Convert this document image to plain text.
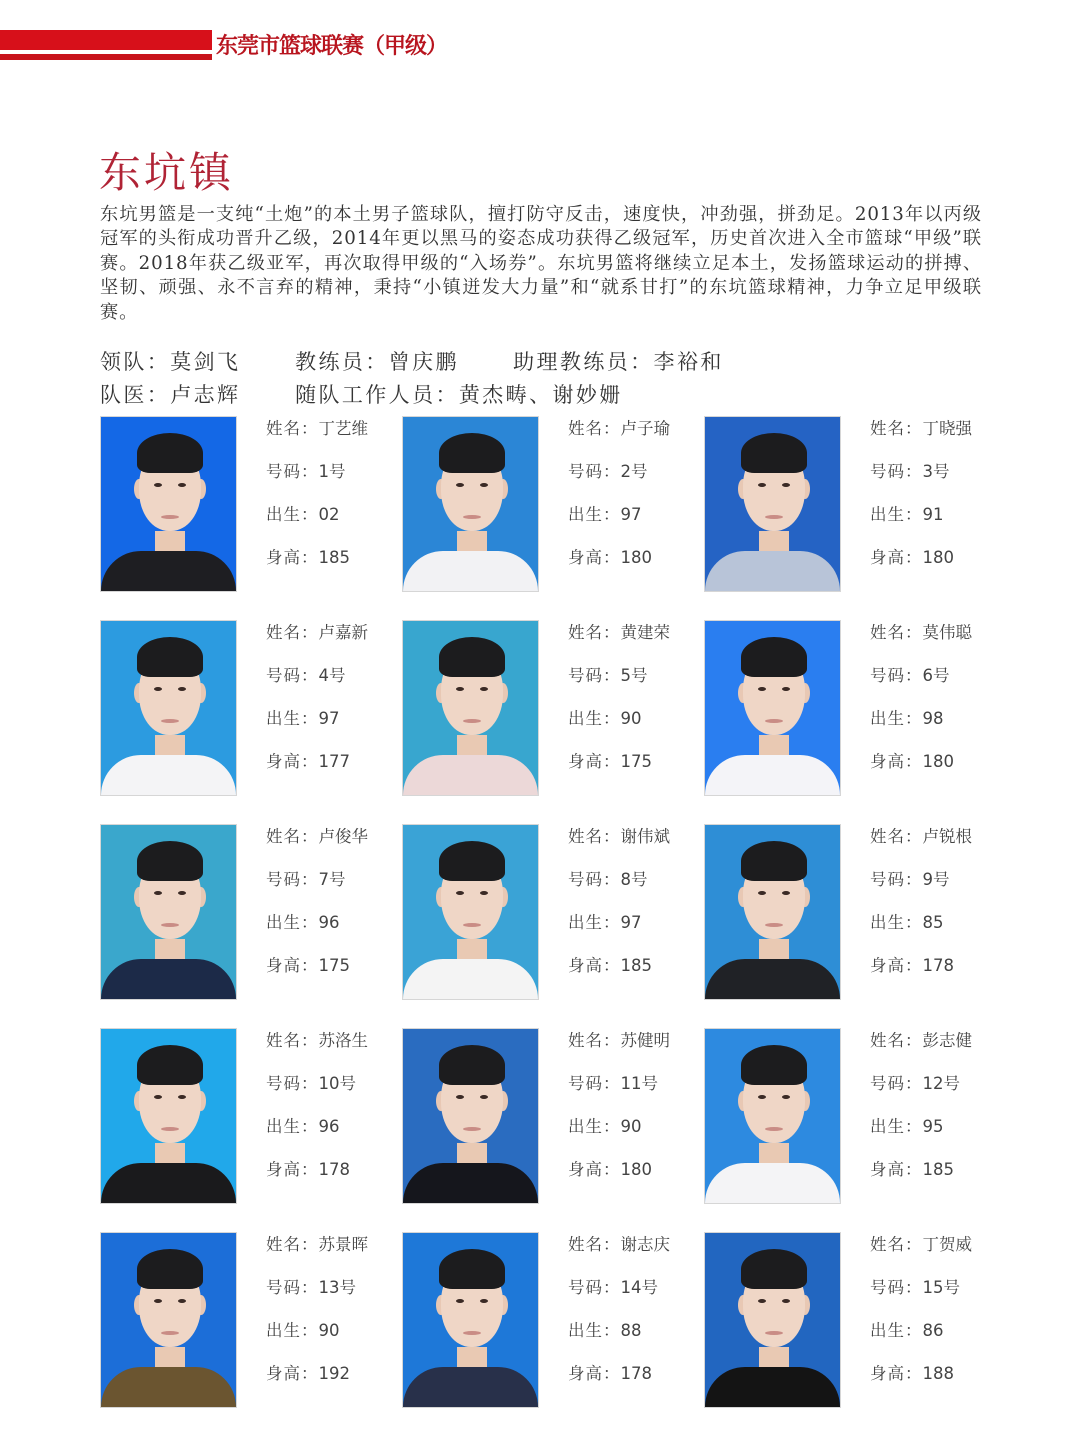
东莞市篮球联赛（甲级）
东坑镇

东坑男篮是一支纯“土炮”的本土男子篮球队，擅打防守反击，速度快，冲劲强，拼劲足。2013年以丙级冠军的头衔成功晋升乙级，2014年更以黑马的姿态成功获得乙级冠军，历史首次进入全市篮球“甲级”联赛。2018年获乙级亚军，再次取得甲级的“入场券”。东坑男篮将继续立足本土，发扬篮球运动的拼搏、坚韧、顽强、永不言弃的精神，秉持“小镇迸发大力量”和“就系甘打”的东坑篮球精神，力争立足甲级联赛。

领队：莫剑飞	教练员：曾庆鹏	助理教练员：李裕和
队医：卢志辉	随队工作人员：黄杰畴、谢妙姗
姓名：丁艺维
号码：1号
出生：02
身高：185
姓名：卢子瑜
号码：2号
出生：97
身高：180
姓名：丁晓强
号码：3号
出生：91
身高：180
姓名：卢嘉新
号码：4号
出生：97
身高：177
姓名：黄建荣
号码：5号
出生：90
身高：175
姓名：莫伟聪
号码：6号
出生：98
身高：180
姓名：卢俊华
号码：7号
出生：96
身高：175
姓名：谢伟斌
号码：8号
出生：97
身高：185
姓名：卢锐根
号码：9号
出生：85
身高：178
姓名：苏洛生
号码：10号
出生：96
身高：178
姓名：苏健明
号码：11号
出生：90
身高：180
姓名：彭志健
号码：12号
出生：95
身高：185
姓名：苏景晖
号码：13号
出生：90
身高：192
姓名：谢志庆
号码：14号
出生：88
身高：178
姓名：丁贺威
号码：15号
出生：86
身高：188
